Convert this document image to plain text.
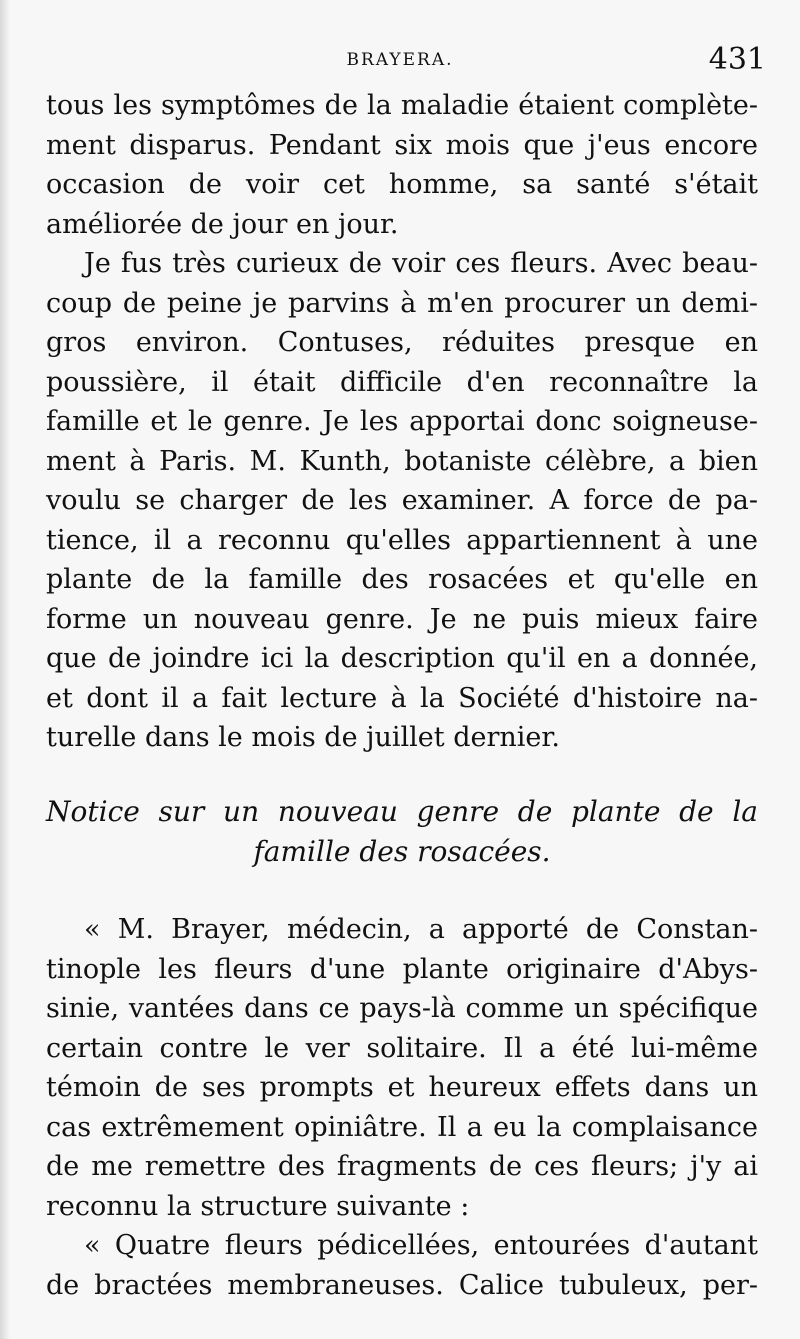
BRAYERA.	431
tous les symptômes de la maladie étaient complète-
ment disparus. Pendant six mois que j'eus encore
occasion de voir cet homme, sa santé s'était
améliorée de jour en jour.
Je fus très curieux de voir ces fleurs. Avec beau-
coup de peine je parvins à m'en procurer un demi-
gros environ. Contuses, réduites presque en
poussière, il était difficile d'en reconnaître la
famille et le genre. Je les apportai donc soigneuse-
ment à Paris. M. Kunth, botaniste célèbre, a bien
voulu se charger de les examiner. A force de pa-
tience, il a reconnu qu'elles appartiennent à une
plante de la famille des rosacées et qu'elle en
forme un nouveau genre. Je ne puis mieux faire
que de joindre ici la description qu'il en a donnée,
et dont il a fait lecture à la Société d'histoire na-
turelle dans le mois de juillet dernier.
Notice sur un nouveau genre de plante de la
famille des rosacées.
« M. Brayer, médecin, a apporté de Constan-
tinople les fleurs d'une plante originaire d'Abys-
sinie, vantées dans ce pays-là comme un spécifique
certain contre le ver solitaire. Il a été lui-même
témoin de ses prompts et heureux effets dans un
cas extrêmement opiniâtre. Il a eu la complaisance
de me remettre des fragments de ces fleurs; j'y ai
reconnu la structure suivante :
« Quatre fleurs pédicellées, entourées d'autant
de bractées membraneuses. Calice tubuleux, per-
